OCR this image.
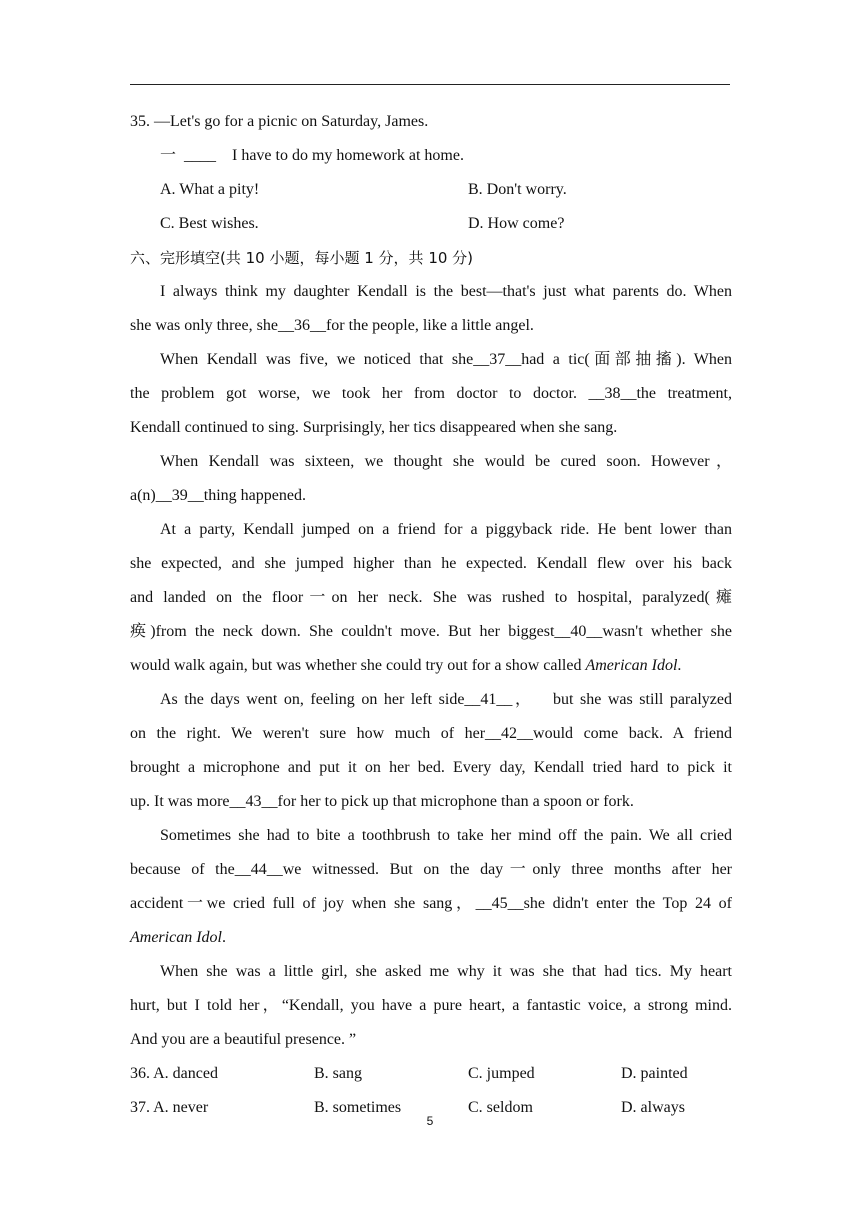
35. —Let's go for a picnic on Saturday, James.
一  ____    I have to do my homework at home.
A. What a pity!	B. Don't worry.
C. Best wishes.	D. How come?
六、完形填空(共 10 小题，每小题 1 分，共 10 分)
I always think my daughter Kendall is the best—that's just what parents do. When
she was only three, she__36__for the people, like a little angel.
When Kendall was five, we noticed that she__37__had a tic(面部抽搐). When
the problem got worse, we took her from doctor to doctor. __38__the treatment,
Kendall continued to sing. Surprisingly, her tics disappeared when she sang.
When Kendall was sixteen, we thought she would be cured soon. However，
a(n)__39__thing happened.
At a party, Kendall jumped on a friend for a piggyback ride. He bent lower than
she expected, and she jumped higher than he expected. Kendall flew over his back
and landed on the floor一on her neck. She was rushed to hospital, paralyzed(瘫
痪)from the neck down. She couldn't move. But her biggest__40__wasn't whether she
would walk again, but was whether she could try out for a show called American Idol.
As the days went on, feeling on her left side__41__，   but she was still paralyzed
on the right. We weren't sure how much of her__42__would come back. A friend
brought a microphone and put it on her bed. Every day, Kendall tried hard to pick it
up. It was more__43__for her to pick up that microphone than a spoon or fork.
Sometimes she had to bite a toothbrush to take her mind off the pain. We all cried
because of the__44__we witnessed. But on the day一only three months after her
accident一we cried full of joy when she sang，__45__she didn't enter the Top 24 of
American Idol.
When she was a little girl, she asked me why it was she that had tics. My heart
hurt, but I told her，“Kendall, you have a pure heart, a fantastic voice, a strong mind.
And you are a beautiful presence. ”
36. A. danced	B. sang	C. jumped	D. painted
37. A. never	B. sometimes	C. seldom	D. always
5
